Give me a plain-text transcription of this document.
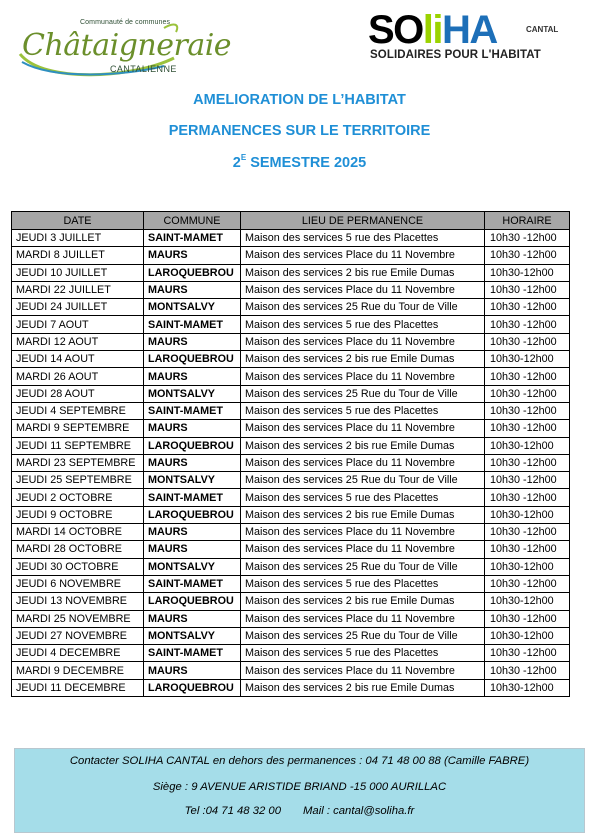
Communauté de communes
Châtaigneraie
CANTALIENNE
SOliHA	CANTAL
SOLIDAIRES POUR L'HABITAT
AMELIORATION DE L’HABITAT
PERMANENCES SUR LE TERRITOIRE
$2^E$ SEMESTRE 2025
DATE	COMMUNE	LIEU DE PERMANENCE	HORAIRE
JEUDI 3 JUILLET	SAINT-MAMET	Maison des services 5 rue des Placettes	10h30 -12h00
MARDI 8 JUILLET	MAURS	Maison des services Place du 11 Novembre	10h30 -12h00
JEUDI 10 JUILLET	LAROQUEBROU	Maison des services 2 bis rue Emile Dumas	10h30-12h00
MARDI 22 JUILLET	MAURS	Maison des services Place du 11 Novembre	10h30 -12h00
JEUDI 24 JUILLET	MONTSALVY	Maison des services 25 Rue du Tour de Ville	10h30 -12h00
JEUDI 7 AOUT	SAINT-MAMET	Maison des services 5 rue des Placettes	10h30 -12h00
MARDI 12 AOUT	MAURS	Maison des services Place du 11 Novembre	10h30 -12h00
JEUDI 14 AOUT	LAROQUEBROU	Maison des services 2 bis rue Emile Dumas	10h30-12h00
MARDI 26 AOUT	MAURS	Maison des services Place du 11 Novembre	10h30 -12h00
JEUDI 28 AOUT	MONTSALVY	Maison des services 25 Rue du Tour de Ville	10h30 -12h00
JEUDI 4 SEPTEMBRE	SAINT-MAMET	Maison des services 5 rue des Placettes	10h30 -12h00
MARDI 9 SEPTEMBRE	MAURS	Maison des services Place du 11 Novembre	10h30 -12h00
JEUDI 11 SEPTEMBRE	LAROQUEBROU	Maison des services 2 bis rue Emile Dumas	10h30-12h00
MARDI 23 SEPTEMBRE	MAURS	Maison des services Place du 11 Novembre	10h30 -12h00
JEUDI 25 SEPTEMBRE	MONTSALVY	Maison des services 25 Rue du Tour de Ville	10h30 -12h00
JEUDI 2 OCTOBRE	SAINT-MAMET	Maison des services 5 rue des Placettes	10h30 -12h00
JEUDI 9 OCTOBRE	LAROQUEBROU	Maison des services 2 bis rue Emile Dumas	10h30-12h00
MARDI 14 OCTOBRE	MAURS	Maison des services Place du 11 Novembre	10h30 -12h00
MARDI 28 OCTOBRE	MAURS	Maison des services Place du 11 Novembre	10h30 -12h00
JEUDI 30 OCTOBRE	MONTSALVY	Maison des services 25 Rue du Tour de Ville	10h30-12h00
JEUDI 6 NOVEMBRE	SAINT-MAMET	Maison des services 5 rue des Placettes	10h30 -12h00
JEUDI 13 NOVEMBRE	LAROQUEBROU	Maison des services 2 bis rue Emile Dumas	10h30-12h00
MARDI 25 NOVEMBRE	MAURS	Maison des services Place du 11 Novembre	10h30 -12h00
JEUDI 27 NOVEMBRE	MONTSALVY	Maison des services 25 Rue du Tour de Ville	10h30-12h00
JEUDI 4 DECEMBRE	SAINT-MAMET	Maison des services 5 rue des Placettes	10h30 -12h00
MARDI 9 DECEMBRE	MAURS	Maison des services Place du 11 Novembre	10h30 -12h00
JEUDI 11 DECEMBRE	LAROQUEBROU	Maison des services 2 bis rue Emile Dumas	10h30-12h00
Contacter SOLIHA CANTAL en dehors des permanences : 04 71 48 00 88 (Camille FABRE)
Siège : 9 AVENUE ARISTIDE BRIAND -15 000 AURILLAC
Tel :04 71 48 32 00 Mail : cantal@soliha.fr
